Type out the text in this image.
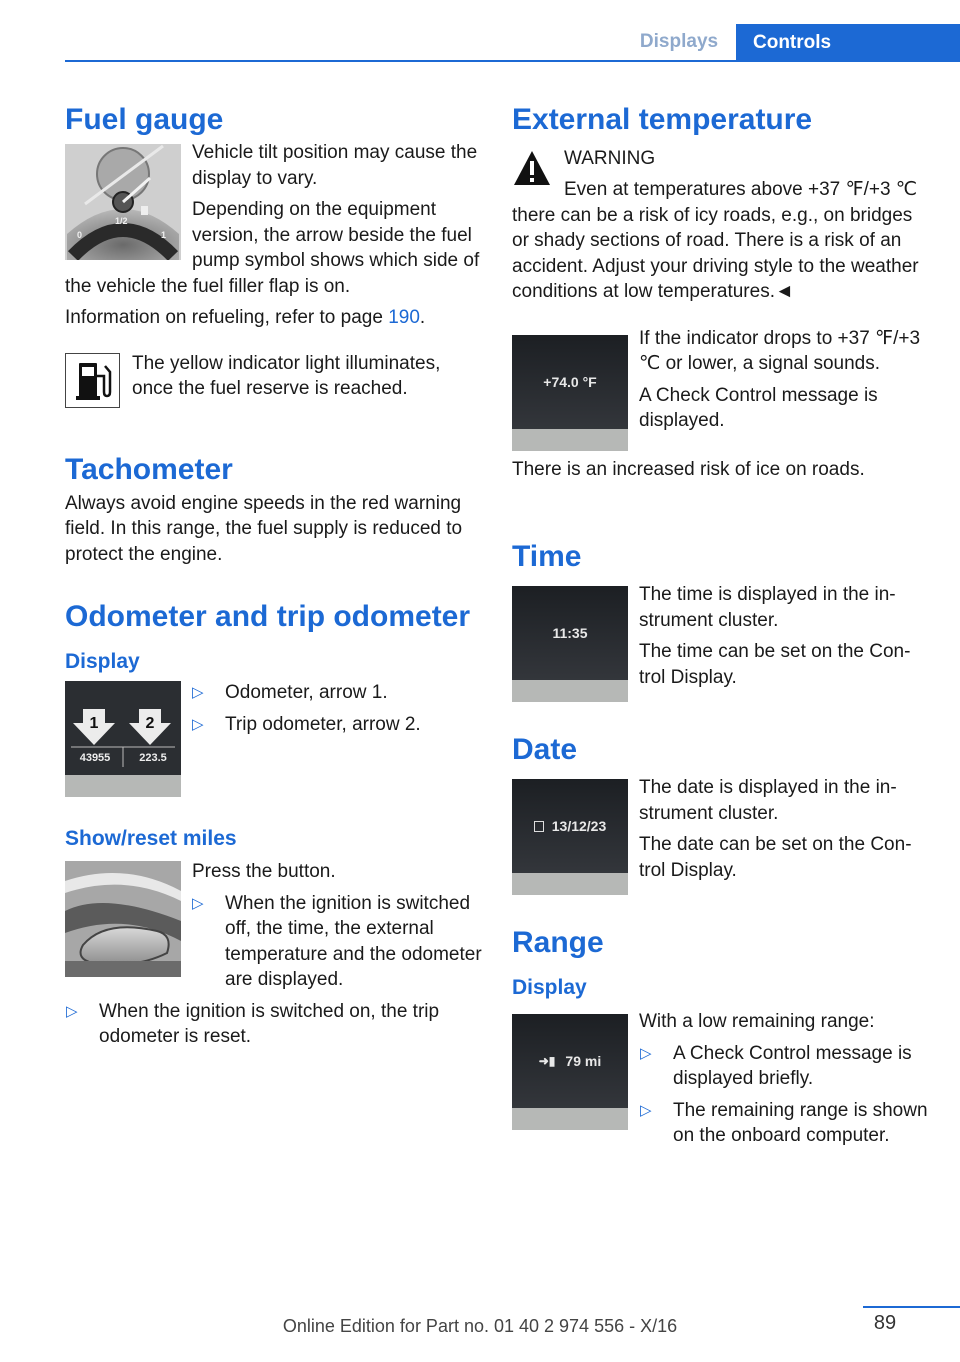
Displays	Controls
Fuel gauge
0
1/2
1

Vehicle tilt position may cause the display to vary.

Depending on the equipment version, the arrow beside the fuel pump symbol shows which side of the vehicle the fuel filler flap is on.

Information on refueling, refer to page 190.

The yellow indicator light illuminates, once the fuel reserve is reached.

Tachometer

Always avoid engine speeds in the red warning field. In this range, the fuel supply is reduced to protect the engine.

Odometer and trip odometer
Display
1	2
43955	223.5
▷ Odometer, arrow 1.
▷ Trip odometer, arrow 2.
Show/reset miles

Press the button.

▷ When the ignition is switched off, the time, the external temperature and the odometer are displayed.
▷ When the ignition is switched on, the trip odometer is reset.
External temperature

WARNING

Even at temperatures above +37 ℉/+3 ℃ there can be a risk of icy roads, e.g., on bridges or shady sections of road. There is a risk of an accident. Adjust your driving style to the weather conditions at low temperatures.◄

+74.0 °F

If the indicator drops to +37 ℉/+3 ℃ or lower, a signal sounds.

A Check Control message is displayed.

There is an increased risk of ice on roads.

Time
11:35

The time is displayed in the instrument cluster.

The time can be set on the Control Display.

Date
13/12/23

The date is displayed in the instrument cluster.

The date can be set on the Control Display.

Range
Display
➜▮ 79 mi

With a low remaining range:

▷ A Check Control message is displayed briefly.
▷ The remaining range is shown on the onboard computer.
89
Online Edition for Part no. 01 40 2 974 556 - X/16
